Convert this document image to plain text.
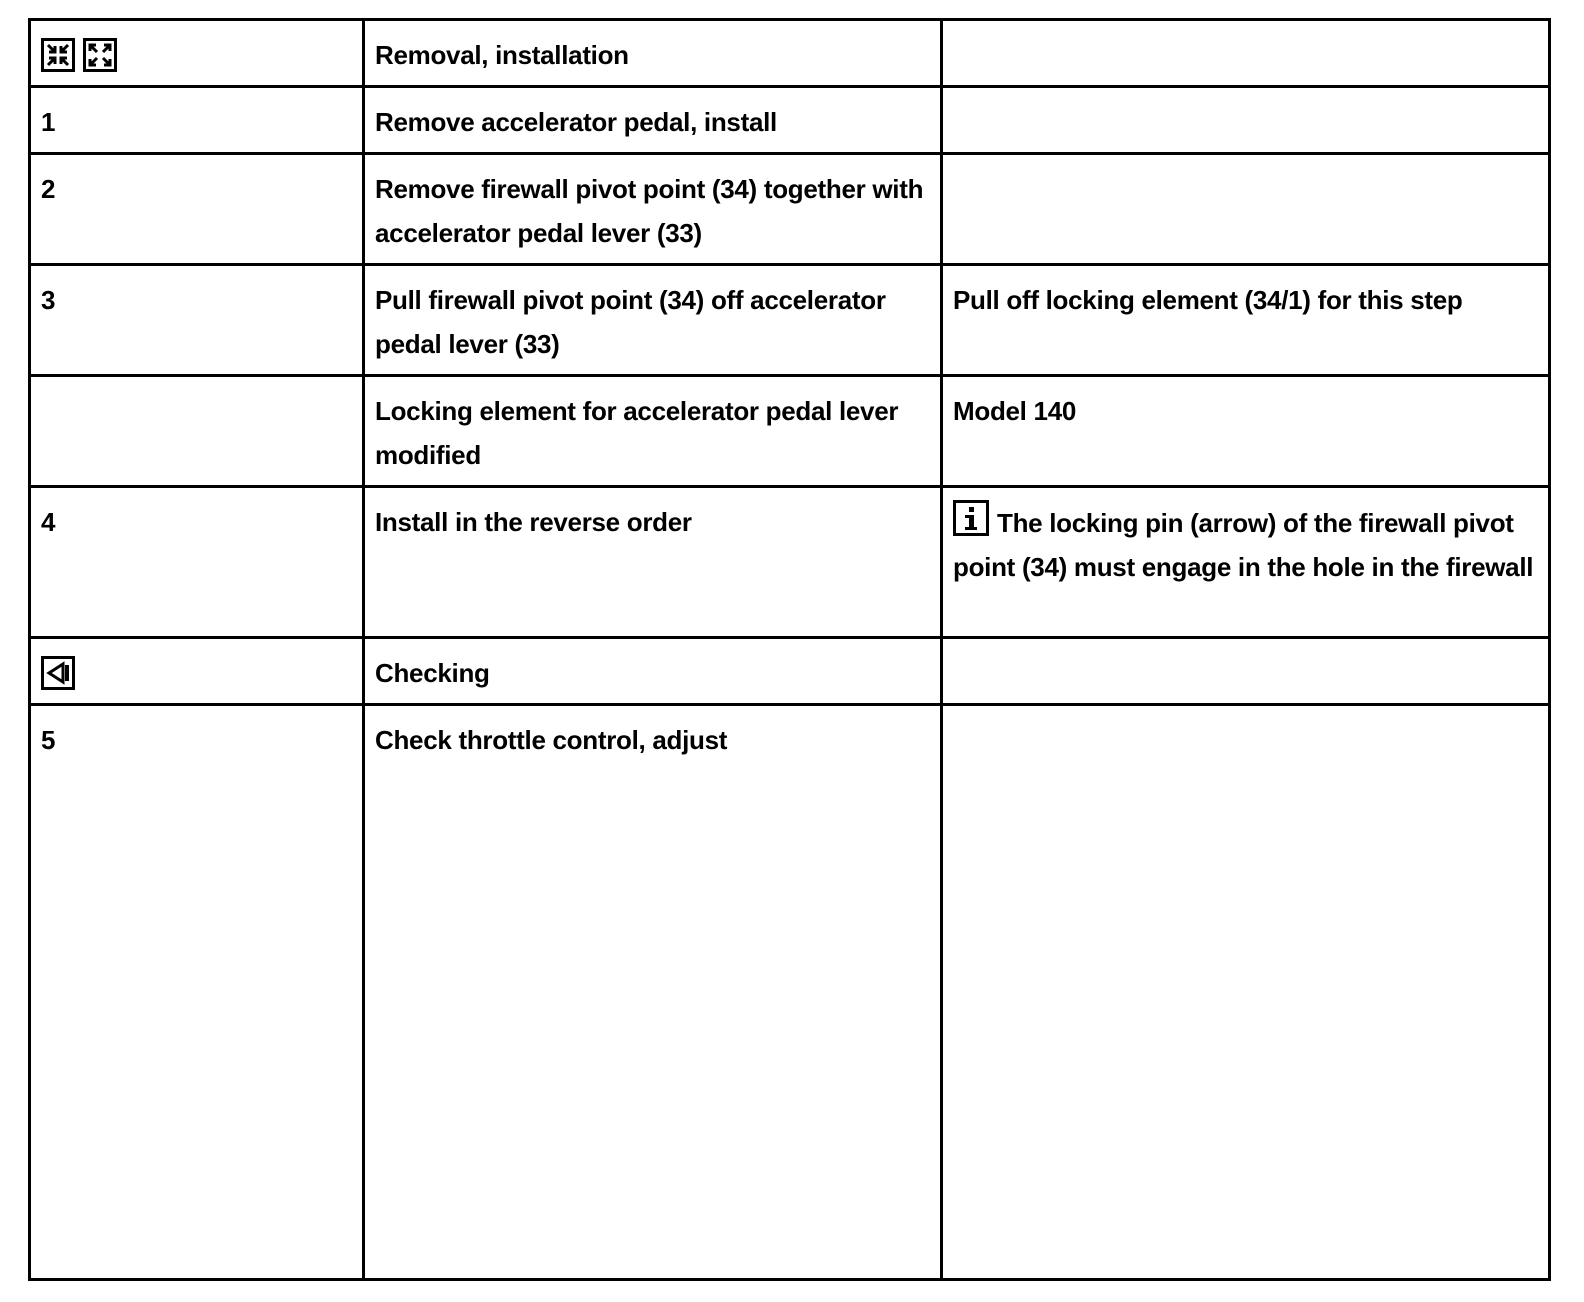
	Removal, installation	
1	Remove accelerator pedal, install	
2	Remove firewall pivot point (34) together with accelerator pedal lever (33)	
3	Pull firewall pivot point (34) off accelerator pedal lever (33)	Pull off locking element (34/1) for this step
	Locking element for accelerator pedal lever modified	Model 140
4	Install in the reverse order	The locking pin (arrow) of the firewall pivot point (34) must engage in the hole in the firewall

	Checking	
5	Check throttle control, adjust	
